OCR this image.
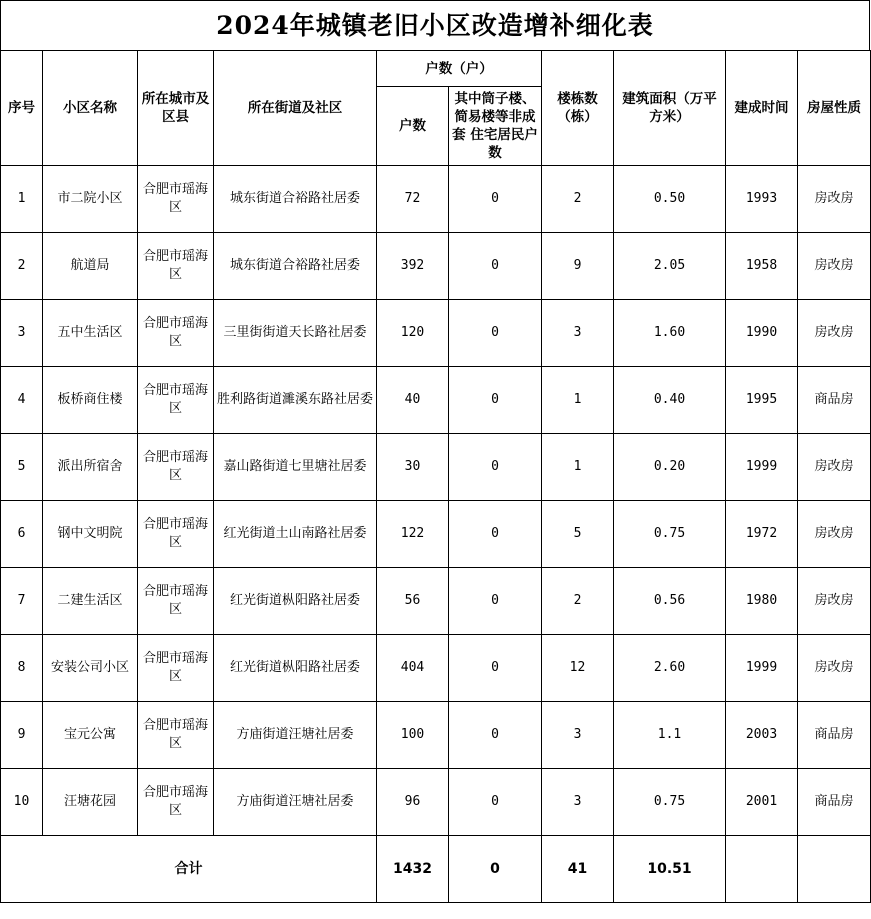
2024年城镇老旧小区改造增补细化表
序号	小区名称	所在城市及区县	所在街道及社区	户数（户）		楼栋数（栋）	建筑面积（万平方米）	建成时间	房屋性质
				户数	其中筒子楼、简易楼等非成套 住宅居民户数				
1	市二院小区	合肥市瑶海区	城东街道合裕路社居委	72	0	2	0.50	1993	房改房
2	航道局	合肥市瑶海区	城东街道合裕路社居委	392	0	9	2.05	1958	房改房
3	五中生活区	合肥市瑶海区	三里街街道天长路社居委	120	0	3	1.60	1990	房改房
4	板桥商住楼	合肥市瑶海区	胜利路街道濉溪东路社居委	40	0	1	0.40	1995	商品房
5	派出所宿舍	合肥市瑶海区	嘉山路街道七里塘社居委	30	0	1	0.20	1999	房改房
6	钢中文明院	合肥市瑶海区	红光街道土山南路社居委	122	0	5	0.75	1972	房改房
7	二建生活区	合肥市瑶海区	红光街道枞阳路社居委	56	0	2	0.56	1980	房改房
8	安装公司小区	合肥市瑶海区	红光街道枞阳路社居委	404	0	12	2.60	1999	房改房
9	宝元公寓	合肥市瑶海区	方庙街道汪塘社居委	100	0	3	1.1	2003	商品房
10	汪塘花园	合肥市瑶海区	方庙街道汪塘社居委	96	0	3	0.75	2001	商品房
合计				1432	0	41	10.51		
